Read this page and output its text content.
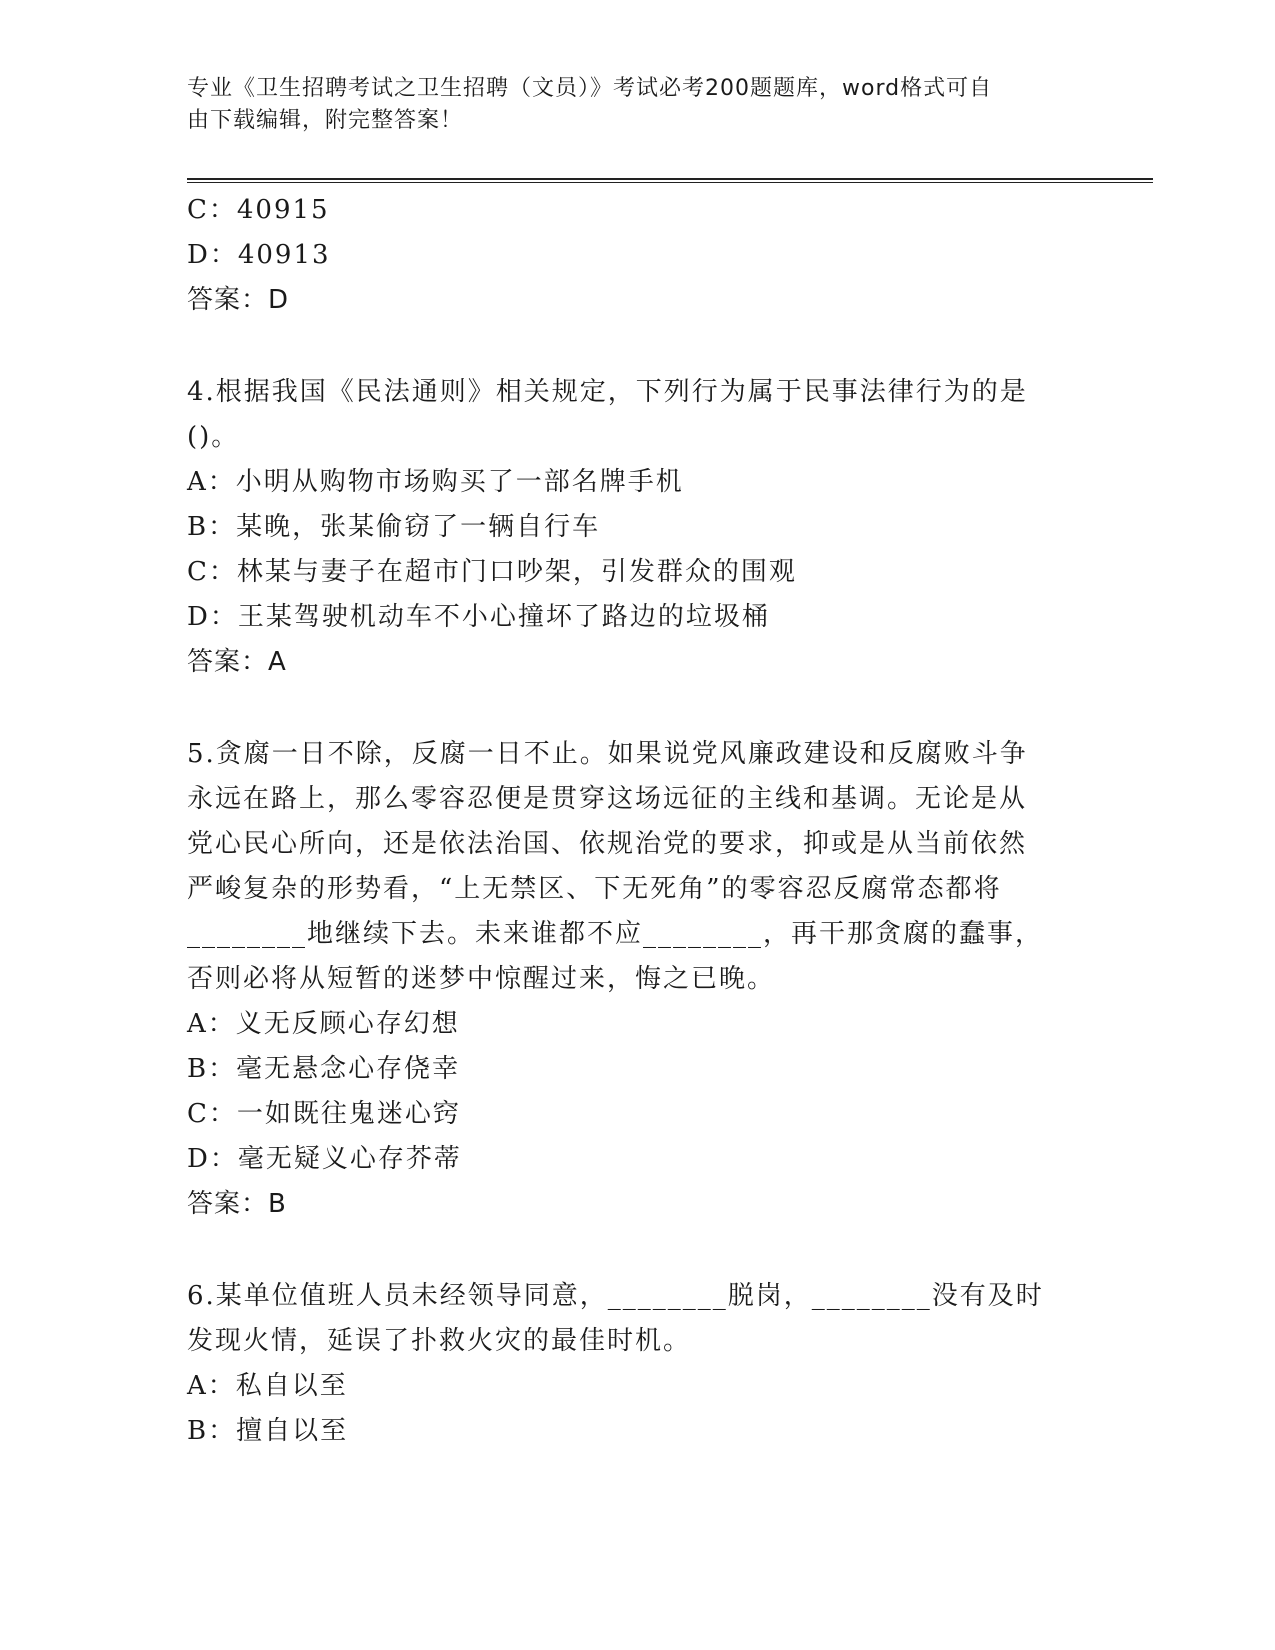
专业《卫生招聘考试之卫生招聘（文员）》考试必考200题题库，word格式可自
由下载编辑，附完整答案！
C：40915
D：40913
答案：D
4.根据我国《民法通则》相关规定，下列行为属于民事法律行为的是
()。
A：小明从购物市场购买了一部名牌手机
B：某晚，张某偷窃了一辆自行车
C：林某与妻子在超市门口吵架，引发群众的围观
D：王某驾驶机动车不小心撞坏了路边的垃圾桶
答案：A
5.贪腐一日不除，反腐一日不止。如果说党风廉政建设和反腐败斗争
永远在路上，那么零容忍便是贯穿这场远征的主线和基调。无论是从
党心民心所向，还是依法治国、依规治党的要求，抑或是从当前依然
严峻复杂的形势看，“上无禁区、下无死角”的零容忍反腐常态都将
________地继续下去。未来谁都不应________，再干那贪腐的蠢事，
否则必将从短暂的迷梦中惊醒过来，悔之已晚。
A：义无反顾心存幻想
B：毫无悬念心存侥幸
C：一如既往鬼迷心窍
D：毫无疑义心存芥蒂
答案：B
6.某单位值班人员未经领导同意，________脱岗，________没有及时
发现火情，延误了扑救火灾的最佳时机。
A：私自以至
B：擅自以至
